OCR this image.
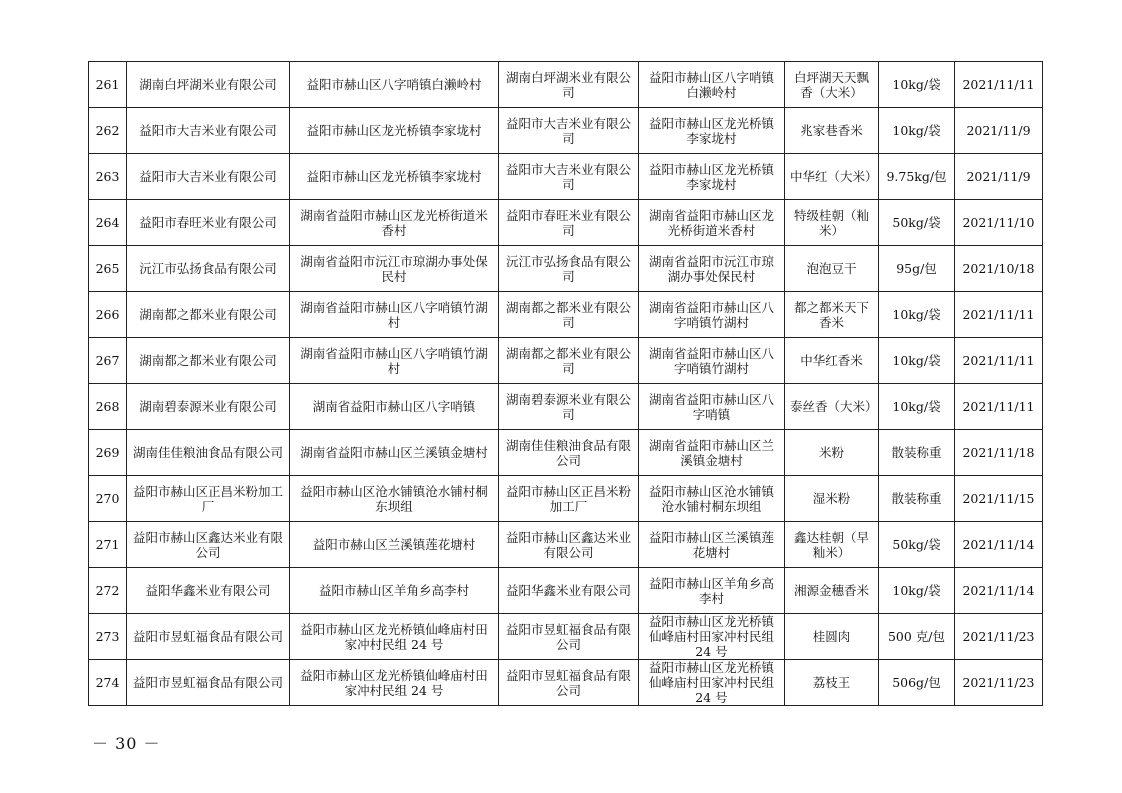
261	湖南白坪湖米业有限公司	益阳市赫山区八字哨镇白濑岭村	湖南白坪湖米业有限公司	益阳市赫山区八字哨镇白濑岭村	白坪湖天天飘香（大米）	10kg/袋	2021/11/11
262	益阳市大吉米业有限公司	益阳市赫山区龙光桥镇李家垅村	益阳市大吉米业有限公司	益阳市赫山区龙光桥镇李家垅村	兆家巷香米	10kg/袋	2021/11/9
263	益阳市大吉米业有限公司	益阳市赫山区龙光桥镇李家垅村	益阳市大吉米业有限公司	益阳市赫山区龙光桥镇李家垅村	中华红（大米）	9.75kg/包	2021/11/9
264	益阳市春旺米业有限公司	湖南省益阳市赫山区龙光桥街道米香村	益阳市春旺米业有限公司	湖南省益阳市赫山区龙光桥街道米香村	特级桂朝（籼米）	50kg/袋	2021/11/10
265	沅江市弘扬食品有限公司	湖南省益阳市沅江市琼湖办事处保民村	沅江市弘扬食品有限公司	湖南省益阳市沅江市琼湖办事处保民村	泡泡豆干	95g/包	2021/10/18
266	湖南都之都米业有限公司	湖南省益阳市赫山区八字哨镇竹湖村	湖南都之都米业有限公司	湖南省益阳市赫山区八字哨镇竹湖村	都之都米天下香米	10kg/袋	2021/11/11
267	湖南都之都米业有限公司	湖南省益阳市赫山区八字哨镇竹湖村	湖南都之都米业有限公司	湖南省益阳市赫山区八字哨镇竹湖村	中华红香米	10kg/袋	2021/11/11
268	湖南碧泰源米业有限公司	湖南省益阳市赫山区八字哨镇	湖南碧泰源米业有限公司	湖南省益阳市赫山区八字哨镇	泰丝香（大米）	10kg/袋	2021/11/11
269	湖南佳佳粮油食品有限公司	湖南省益阳市赫山区兰溪镇金塘村	湖南佳佳粮油食品有限公司	湖南省益阳市赫山区兰溪镇金塘村	米粉	散装称重	2021/11/18
270	益阳市赫山区正昌米粉加工厂	益阳市赫山区沧水铺镇沧水铺村桐东坝组	益阳市赫山区正昌米粉加工厂	益阳市赫山区沧水铺镇沧水铺村桐东坝组	湿米粉	散装称重	2021/11/15
271	益阳市赫山区鑫达米业有限公司	益阳市赫山区兰溪镇莲花塘村	益阳市赫山区鑫达米业有限公司	益阳市赫山区兰溪镇莲花塘村	鑫达桂朝（早籼米）	50kg/袋	2021/11/14
272	益阳华鑫米业有限公司	益阳市赫山区羊角乡高李村	益阳华鑫米业有限公司	益阳市赫山区羊角乡高李村	湘源金穗香米	10kg/袋	2021/11/14
273	益阳市昱虹福食品有限公司	益阳市赫山区龙光桥镇仙峰庙村田家冲村民组 24 号	益阳市昱虹福食品有限公司	益阳市赫山区龙光桥镇仙峰庙村田家冲村民组 24 号	桂圆肉	500 克/包	2021/11/23
274	益阳市昱虹福食品有限公司	益阳市赫山区龙光桥镇仙峰庙村田家冲村民组 24 号	益阳市昱虹福食品有限公司	益阳市赫山区龙光桥镇仙峰庙村田家冲村民组 24 号	荔枝王	506g/包	2021/11/23
－ 30 －
